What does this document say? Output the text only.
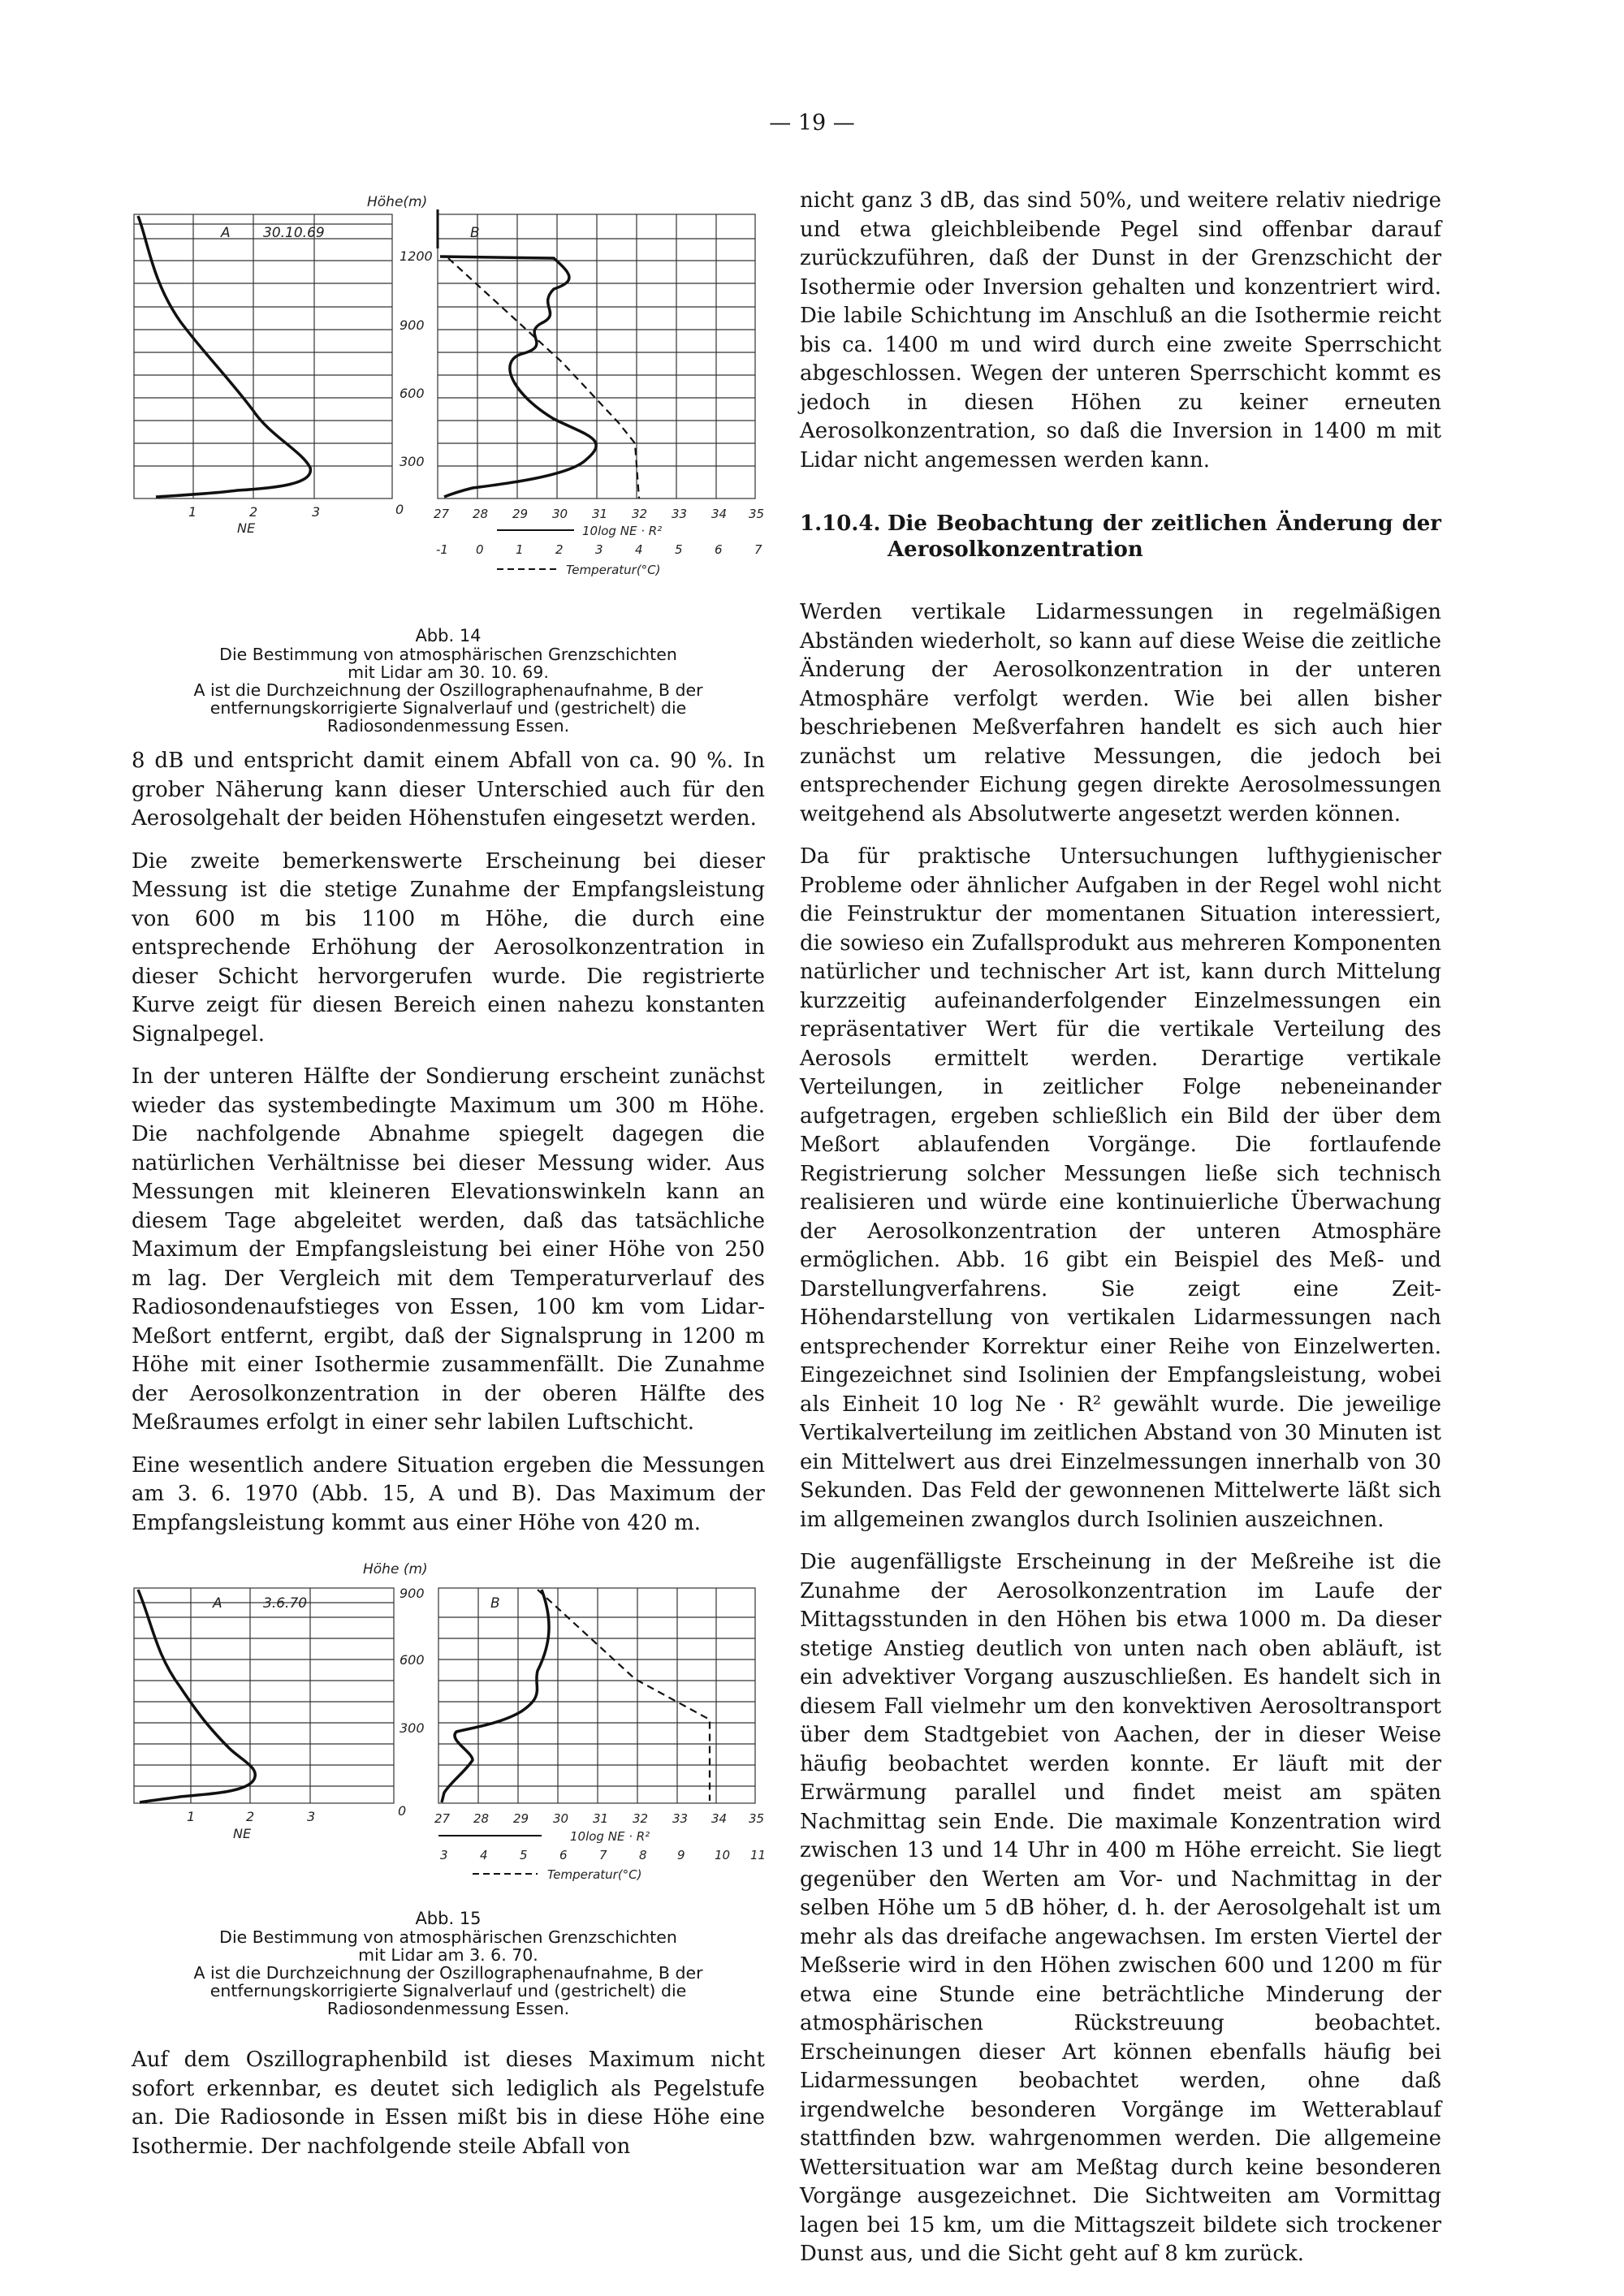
— 19 —
Höhe(m)
A	B
30.10.69
1200
900
600
300
0
1	2	3
NE
27 28 29 30 31 32 33 34 35
10log NE · R²
-1 0	1	2	3	4	5	6	7
Temperatur(°C)
Abb. 14
Die Bestimmung von atmosphärischen Grenzschichten
mit Lidar am 30. 10. 69.
A ist die Durchzeichnung der Oszillographenaufnahme, B der
entfernungskorrigierte Signalverlauf und (gestrichelt) die
Radiosondenmessung Essen.

8 dB und entspricht damit einem Abfall von ca. 90 %. In grober Näherung kann dieser Unterschied auch für den Aerosolgehalt der beiden Höhenstufen eingesetzt werden.

Die zweite bemerkenswerte Erscheinung bei dieser Messung ist die stetige Zunahme der Empfangsleistung von 600 m bis 1100 m Höhe, die durch eine entsprechende Erhöhung der Aerosolkonzentration in dieser Schicht hervorgerufen wurde. Die registrierte Kurve zeigt für diesen Bereich einen nahezu konstanten Signalpegel.

In der unteren Hälfte der Sondierung erscheint zunächst wieder das systembedingte Maximum um 300 m Höhe. Die nachfolgende Abnahme spiegelt dagegen die natürlichen Verhältnisse bei dieser Messung wider. Aus Messungen mit kleineren Elevationswinkeln kann an diesem Tage abgeleitet werden, daß das tatsächliche Maximum der Empfangsleistung bei einer Höhe von 250 m lag. Der Vergleich mit dem Temperaturverlauf des Radiosondenaufstieges von Essen, 100 km vom Lidar-Meßort entfernt, ergibt, daß der Signalsprung in 1200 m Höhe mit einer Isothermie zusammenfällt. Die Zunahme der Aerosolkonzentration in der oberen Hälfte des Meßraumes erfolgt in einer sehr labilen Luftschicht.

Eine wesentlich andere Situation ergeben die Messungen am 3. 6. 1970 (Abb. 15, A und B). Das Maximum der Empfangsleistung kommt aus einer Höhe von 420 m.

Höhe (m)
A	B
3.6.70
900
600
300
0
1	2	3
NE
27 28 29 30 31 32 33 34 35
10log NE · R²
3	4	5	6	7	8 9 10 11
Temperatur(°C)
Abb. 15
Die Bestimmung von atmosphärischen Grenzschichten
mit Lidar am 3. 6. 70.
A ist die Durchzeichnung der Oszillographenaufnahme, B der
entfernungskorrigierte Signalverlauf und (gestrichelt) die
Radiosondenmessung Essen.

Auf dem Oszillographenbild ist dieses Maximum nicht sofort erkennbar, es deutet sich lediglich als Pegelstufe an. Die Radiosonde in Essen mißt bis in diese Höhe eine Isothermie. Der nachfolgende steile Abfall von

nicht ganz 3 dB, das sind 50%, und weitere relativ niedrige und etwa gleichbleibende Pegel sind offenbar darauf zurückzuführen, daß der Dunst in der Grenzschicht der Isothermie oder Inversion gehalten und konzentriert wird. Die labile Schichtung im Anschluß an die Isothermie reicht bis ca. 1400 m und wird durch eine zweite Sperrschicht abgeschlossen. Wegen der unteren Sperrschicht kommt es jedoch in diesen Höhen zu keiner erneuten Aerosolkonzentration, so daß die Inversion in 1400 m mit Lidar nicht angemessen werden kann.

1.10.4. Die Beobachtung der zeitlichen Änderung der Aerosolkonzentration

Werden vertikale Lidarmessungen in regelmäßigen Abständen wiederholt, so kann auf diese Weise die zeitliche Änderung der Aerosolkonzentration in der unteren Atmosphäre verfolgt werden. Wie bei allen bisher beschriebenen Meßverfahren handelt es sich auch hier zunächst um relative Messungen, die jedoch bei entsprechender Eichung gegen direkte Aerosolmessungen weitgehend als Absolutwerte angesetzt werden können.

Da für praktische Untersuchungen lufthygienischer Probleme oder ähnlicher Aufgaben in der Regel wohl nicht die Feinstruktur der momentanen Situation interessiert, die sowieso ein Zufallsprodukt aus mehreren Komponenten natürlicher und technischer Art ist, kann durch Mittelung kurzzeitig aufeinanderfolgender Einzelmessungen ein repräsentativer Wert für die vertikale Verteilung des Aerosols ermittelt werden. Derartige vertikale Verteilungen, in zeitlicher Folge nebeneinander aufgetragen, ergeben schließlich ein Bild der über dem Meßort ablaufenden Vorgänge. Die fortlaufende Registrierung solcher Messungen ließe sich technisch realisieren und würde eine kontinuierliche Überwachung der Aerosolkonzentration der unteren Atmosphäre ermöglichen. Abb. 16 gibt ein Beispiel des Meß- und Darstellungverfahrens. Sie zeigt eine Zeit-Höhendarstellung von vertikalen Lidarmessungen nach entsprechender Korrektur einer Reihe von Einzelwerten. Eingezeichnet sind Isolinien der Empfangsleistung, wobei als Einheit 10 log Ne · R² gewählt wurde. Die jeweilige Vertikalverteilung im zeitlichen Abstand von 30 Minuten ist ein Mittelwert aus drei Einzelmessungen innerhalb von 30 Sekunden. Das Feld der gewonnenen Mittelwerte läßt sich im allgemeinen zwanglos durch Isolinien auszeichnen.

Die augenfälligste Erscheinung in der Meßreihe ist die Zunahme der Aerosolkonzentration im Laufe der Mittagsstunden in den Höhen bis etwa 1000 m. Da dieser stetige Anstieg deutlich von unten nach oben abläuft, ist ein advektiver Vorgang auszuschließen. Es handelt sich in diesem Fall vielmehr um den konvektiven Aerosoltransport über dem Stadtgebiet von Aachen, der in dieser Weise häufig beobachtet werden konnte. Er läuft mit der Erwärmung parallel und findet meist am späten Nachmittag sein Ende. Die maximale Konzentration wird zwischen 13 und 14 Uhr in 400 m Höhe erreicht. Sie liegt gegenüber den Werten am Vor- und Nachmittag in der selben Höhe um 5 dB höher, d. h. der Aerosolgehalt ist um mehr als das dreifache angewachsen. Im ersten Viertel der Meßserie wird in den Höhen zwischen 600 und 1200 m für etwa eine Stunde eine beträchtliche Minderung der atmosphärischen Rückstreuung beobachtet. Erscheinungen dieser Art können ebenfalls häufig bei Lidarmessungen beobachtet werden, ohne daß irgendwelche besonderen Vorgänge im Wetterablauf stattfinden bzw. wahrgenommen werden. Die allgemeine Wettersituation war am Meßtag durch keine besonderen Vorgänge ausgezeichnet. Die Sichtweiten am Vormittag lagen bei 15 km, um die Mittagszeit bildete sich trockener Dunst aus, und die Sicht geht auf 8 km zurück.
